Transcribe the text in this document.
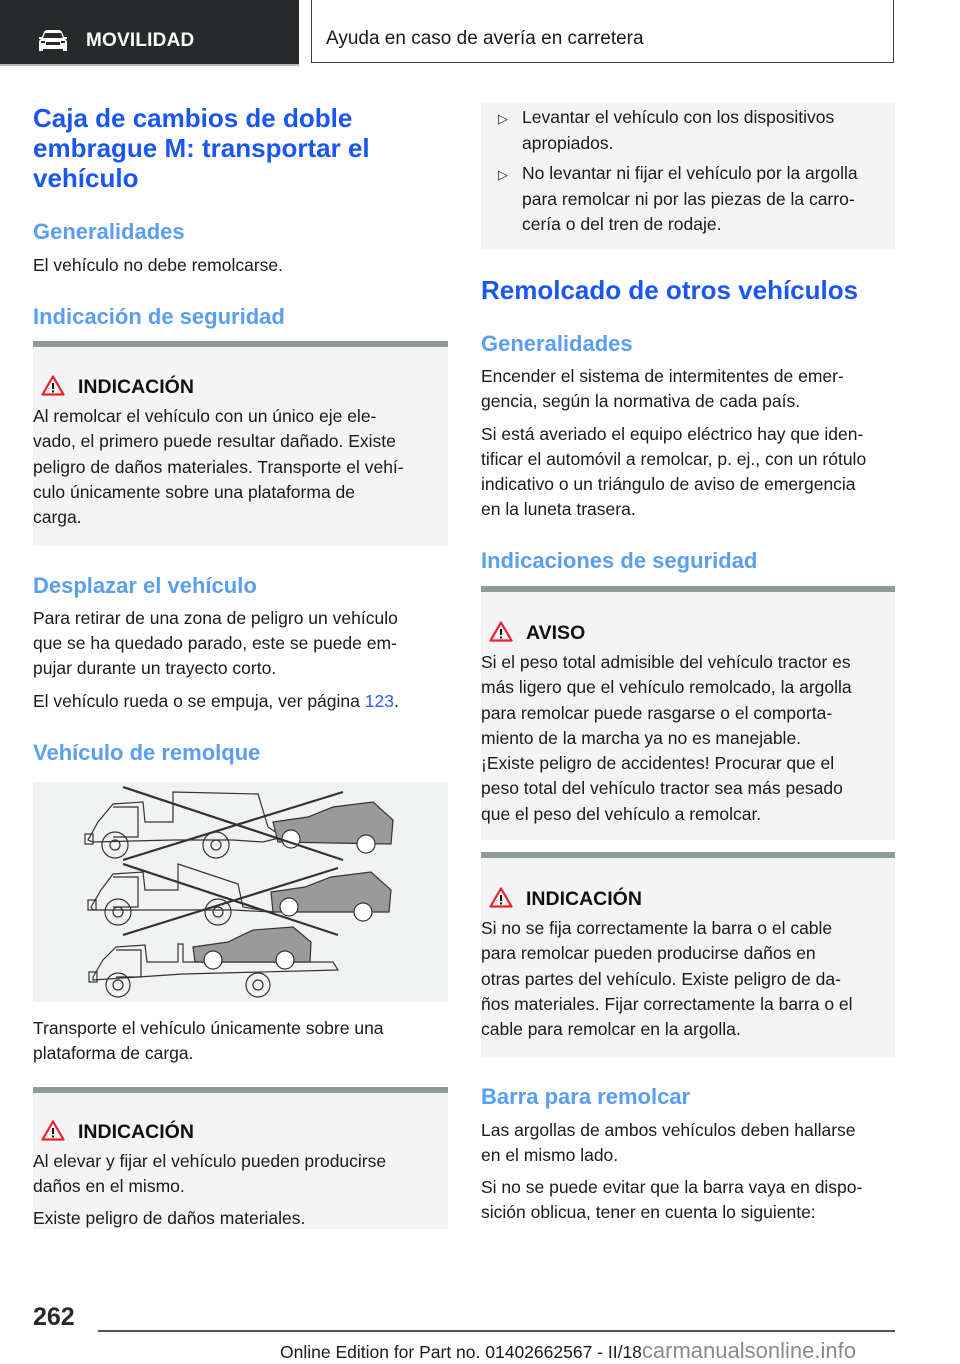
MOVILIDAD	Ayuda en caso de avería en carretera
Caja de cambios de doble
embrague M: transportar el
vehículo
Generalidades

El vehículo no debe remolcarse.

Indicación de seguridad
INDICACIÓN
Al remolcar el vehículo con un único eje ele-
vado, el primero puede resultar dañado. Existe
peligro de daños materiales. Transporte el vehí-
culo únicamente sobre una plataforma de
carga.
Desplazar el vehículo
Para retirar de una zona de peligro un vehículo
que se ha quedado parado, este se puede em-
pujar durante un trayecto corto.

El vehículo rueda o se empuja, ver página 123.

Vehículo de remolque
Transporte el vehículo únicamente sobre una
plataforma de carga.
INDICACIÓN
Al elevar y fijar el vehículo pueden producirse
daños en el mismo.
Existe peligro de daños materiales.
▷ Levantar el vehículo con los dispositivos
apropiados.
▷ No levantar ni fijar el vehículo por la argolla
para remolcar ni por las piezas de la carro-
cería o del tren de rodaje.
Remolcado de otros vehículos
Generalidades
Encender el sistema de intermitentes de emer-
gencia, según la normativa de cada país.
Si está averiado el equipo eléctrico hay que iden-
tificar el automóvil a remolcar, p. ej., con un rótulo
indicativo o un triángulo de aviso de emergencia
en la luneta trasera.
Indicaciones de seguridad
AVISO
Si el peso total admisible del vehículo tractor es
más ligero que el vehículo remolcado, la argolla
para remolcar puede rasgarse o el comporta-
miento de la marcha ya no es manejable.
¡Existe peligro de accidentes! Procurar que el
peso total del vehículo tractor sea más pesado
que el peso del vehículo a remolcar.
INDICACIÓN
Si no se fija correctamente la barra o el cable
para remolcar pueden producirse daños en
otras partes del vehículo. Existe peligro de da-
ños materiales. Fijar correctamente la barra o el
cable para remolcar en la argolla.
Barra para remolcar
Las argollas de ambos vehículos deben hallarse
en el mismo lado.
Si no se puede evitar que la barra vaya en dispo-
sición oblicua, tener en cuenta lo siguiente:
262
Online Edition for Part no. 01402662567 - II/18carmanualsonline.info
